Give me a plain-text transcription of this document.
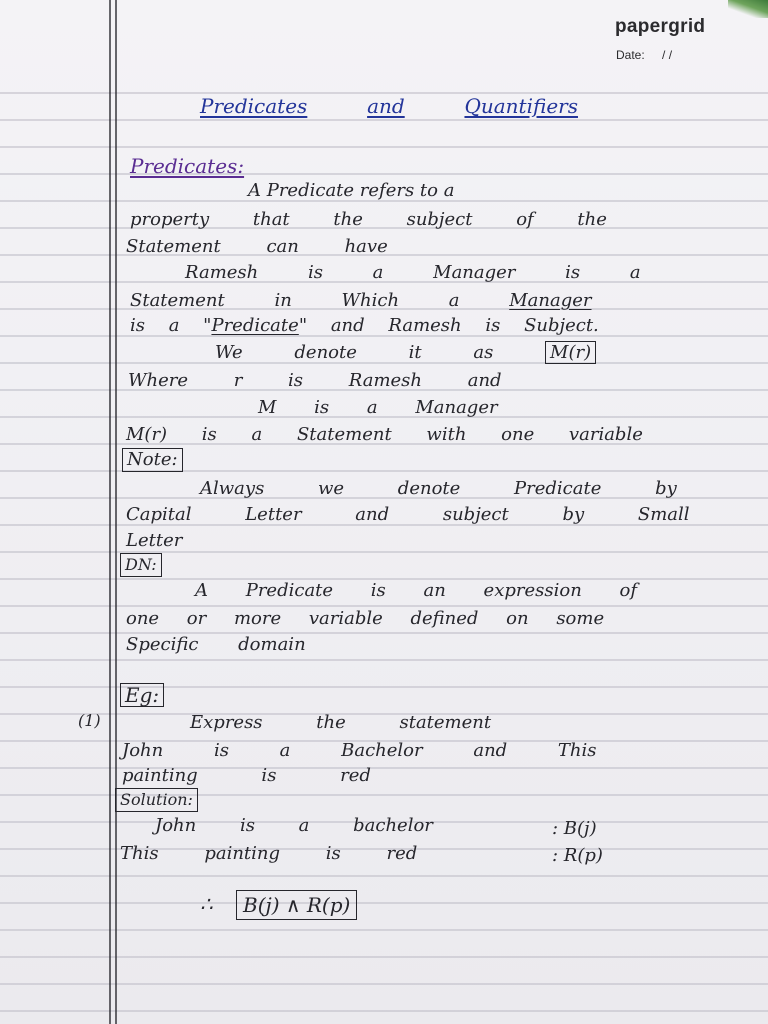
papergrid
Date: / /
Predicates	and	Quantifiers
Predicates:
A Predicate refers to a
property that the subject of the
Statement can have
Ramesh is a Manager is a
Statement in Which a	Manager
is a "Predicate" and Ramesh is Subject.
We denote it as	M(r)
Where r is Ramesh and
M is a Manager
M(r) is a Statement with one variable
Note:
Always we denote Predicate by
Capital Letter and subject by Small
Letter
DN:
A Predicate is an expression of
one or more variable defined on some
Specific domain
Eg:
(1)	Express the statement
John is a Bachelor and This
painting is red
Solution:
John is a bachelor	: B(j)
This painting is red	: R(p)
∴	B(j) ∧ R(p)
